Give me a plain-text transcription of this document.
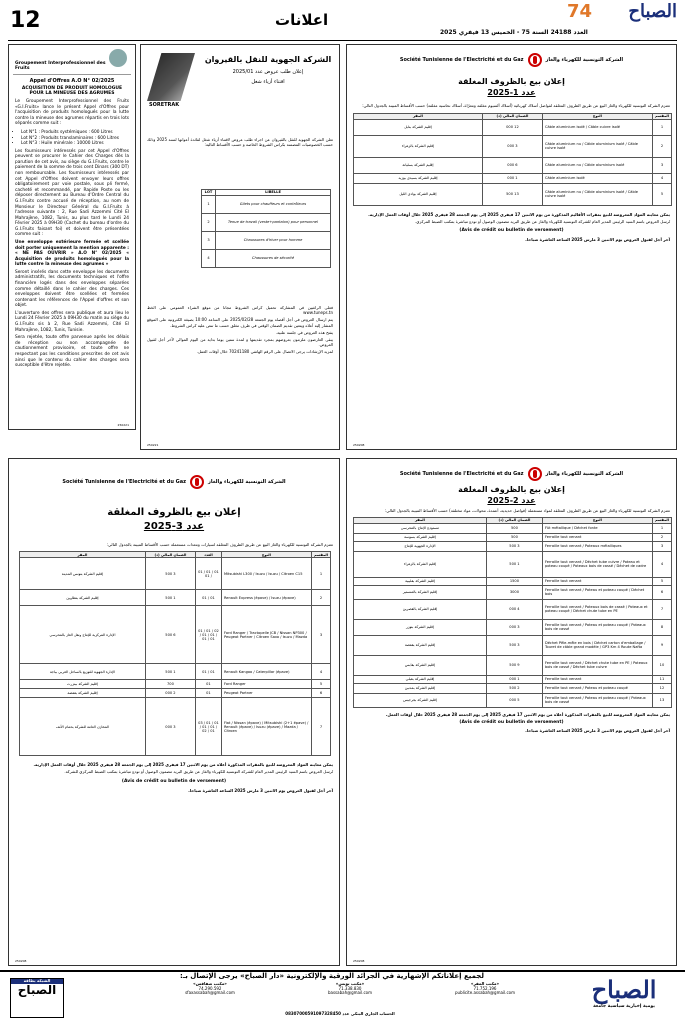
12	اعلانات	74 الصباح
العدد 24188 السنة 75 - الخميس 13 فيفري 2025
Groupement Interprofessionnel des Fruits
Appel d'Offres A.O N° 02/2025
ACQUISITION DE PRODUIT HOMOLOGUE POUR LA MINEUSE DES AGRUMES
Le Groupement Interprofessionnel des Fruits «G.I.Fruits» lance le présent Appel d'Offres pour l'acquisition de produits homologués pour la lutte contre la mineuse des agrumes répartis en trois lots séparés comme suit :
• Lot N°1 : Produits systémiques : 600 Litres
• Lot N°2 : Produits translaminaires : 600 Litres
• Lot N°3 : Huile minérale : 10000 Litres
Les fournisseurs intéressés par cet Appel d'Offres peuvent se procurer le Cahier des Charges dès la parution de cet avis, au siège du G.I.Fruits, contre le paiement de la somme de trois cent Dinars (300 DT) non remboursable. Les fournisseurs intéressés par cet Appel d'Offres doivent envoyer leurs offres obligatoirement par voie postale, sous pli fermé, cacheté et recommandé, par Rapide Poste ou les déposer directement au Bureau d'Ordre Central du G.I.Fruits contre accusé de réception, au nom de Monsieur le Directeur Général du G.I.Fruits à l'adresse suivante : 2, Rue Sadi Azzemmi Cité El Mahrajène, 1082, Tunis, au plus tard le Lundi 24 Février 2025 à 09H30 (Cachet du bureau d'ordre du G.I.Fruits faisant foi) et doivent être présentées comme suit :
Une enveloppe extérieure fermée et scellée doit porter uniquement la mention apparente : « NE PAS OUVRIR » A.O N° 02/2025 « Acquisition de produits homologués pour la lutte contre la mineuse des agrumes »
Seront insérés dans cette enveloppe les documents administratifs, les documents techniques et l'offre financière logés dans des enveloppes séparées comme détaillé dans le cahier des charges. Ces enveloppes doivent être scellées et fermées contenant les références de l'Appel d'offres et son objet.
L'ouverture des offres sera publique et aura lieu le Lundi 24 Février 2025 à 09H30 du matin au siège du G.I.Fruits sis à 2, Rue Sadi Azzemmi, Cité El Mahrajène, 1082, Tunis, Tunisie.
Sera rejetée, toute offre parvenue après les délais de réception ou non accompagnée de cautionnement provisoire, et toute offre ne respectant pas les conditions prescrites de cet avis ainsi que le contenu du cahier des charges sera susceptible d'être rejetée.
250221
SORETRAK
الشركة الجهوية للنقل بالقيروان
إعلان طلب عروض عدد 2025/01
اقتناء أزياء شغل
تعلن الشركة الجهوية للنقل بالقيروان عن اجراء طلب عروض لاقتناء أزياء شغل لفائدة أعوانها لسنة 2025 وذلك حسب الخصوصيات المضمنة بكراس الشروط الخاصة و حسب الأقساط التالية:
LOT	LIBELLE
1	Gilets pour chauffeurs et contrôleurs
2	Tenue de travail (veste+pantalon) pour personnel
3	Chaussures d'hiver pour homme
4	Chaussures de sécurité
فعلى الراغبين في المشاركة تحميل كراس الشروط مجانا من موقع الشراء العمومي على الخط www.tuneps.tn
يتم ارسال العروض في أجل أقصاه يوم الجمعة 2025/02/28 على الساعة 10:00 بصيغة الكترونية على الموقع المشار إليه أعلاه ويتعين تقديم الضمان الوقتي في ظرف مغلق حسب ما تنص عليه كراس الشروط.
يفتح هذه العروض في جلسة علنية.
يبقى العارضون ملزمون بعروضهم بمجرد تقديمها و لمدة ستين يوما بداية من اليوم الموالي لآخر أجل لقبول العروض.
لمزيد الإرشادات يرجى الاتصال على الرقم الهاتفي 70241180 خلال أوقات العمل.
250221
Société Tunisienne de l'Electricité et du Gaz	الشركة التونسية للكهرباء والغاز
إعلان بيع بالظروف المغلقة
عدد 1-2025
تعتزم الشركة التونسية للكهرباء والغاز البيع عن طريق الظروف المغلقة لفواضل أسلاك كهربائية (أسلاك ألمنيوم مغلفة ومعرّاة، أسلاك نحاسية مغلفة) حسب الأقساط المبينة بالجدول التالي:
المقسم	النوع	الضمان المالي (د)	المقر
1	Câble aluminium isolé / Câble cuivre isolé	12 000	إقليم الشركة بنابل
2	Câble aluminium nu / Câble aluminium isolé / Câble cuivre isolé	3 000	إقليم الشركة بالزهراء
3	Câble aluminium nu / Câble aluminium isolé	6 000	إقليم الشركة بسليانة
4	Câble aluminium isolé	1 000	إقليم الشركة بسيدي بوزيد
5	Câble aluminium nu / Câble aluminium isolé / Câble cuivre isolé	13 500	إقليم الشركة بوادي الليل
يمكن معاينة المواد المعروضة للبيع بمقرات الأقاليم المذكورة من يوم الاثنين 17 فيفري 2025 إلى يوم الجمعة 28 فيفري 2025 خلال أوقات العمل الإدارية.
تُرسل العروض باسم السيد الرئيس المدير العام للشركة التونسية للكهرباء والغاز عن طريق البريد مضمون الوصول أو تودع مباشرة بمكتب الضبط المركزي.
(Avis de crédit ou bulletin de versement)
آخر أجل لقبول العروض يوم الاثنين 3 مارس 2025 الساعة العاشرة صباحا.
250208
Société Tunisienne de l'Electricité et du Gaz	الشركة التونسية للكهرباء والغاز
إعلان بيع بالظروف المغلقة
عدد 3-2025
تعتزم الشركة التونسية للكهرباء والغاز البيع عن طريق الظروف المغلقة لسيارات ومعدات مستعملة حسب الأقساط المبينة بالجدول التالي:
المقسم	النوع	العدد	الضمان المالي (د)	المقر
1	Mitsubishi L300 / Isuzu / Isuzu / Citroen C15	01 / 01 / 01 / 01	3 500	إقليم الشركة بتونس المدينة
2	Renault Express (épave) / Isuzu (épave)	01 / 01	1 500	إقليم الشركة بتطاوين
3	Ford Ranger / Tractopelle JCB / Nissan NP300 / Peugeot Partner / Citroen Saxo / Isuzu / Mazda	02 / 01 / 01 / 01 / 01 / 01 / 01	6 500	الإدارة المركزية للإنتاج ونقل الغاز بالمحرسي
4	Renault Kangoo / Caterpillar (épave)	01 / 01	1 500	الإدارة الجهوية للتوزيع بالساحل الغربي بباجة
5	Ford Ranger	01	700	إقليم الشركة ببنزرت
6	Peugeot Partner	01	2 000	إقليم الشركة بقفصة
7	Fiat / Nissan (épave) / Mitsubishi (2+1 épave) / Renault (épave) / Isuzu (épave) / Mazda / Citroen	01 / 01 / 03 / 01 / 01 / 01 / 02	3 000	المخازن العامة للشركة بحمام الأنف
يمكن معاينة المواد المعروضة للبيع بالمقرات المذكورة أعلاه من يوم الاثنين 17 فيفري 2025 إلى يوم الجمعة 28 فيفري 2025 خلال أوقات العمل الإدارية.
تُرسل العروض باسم السيد الرئيس المدير العام للشركة التونسية للكهرباء والغاز عن طريق البريد مضمون الوصول أو تودع مباشرة بمكتب الضبط المركزي للشركة.
(Avis de crédit ou bulletin de versement)
آخر أجل لقبول العروض يوم الاثنين 3 مارس 2025 الساعة العاشرة صباحا.
250208
Société Tunisienne de l'Electricité et du Gaz	الشركة التونسية للكهرباء والغاز
إعلان بيع بالظروف المغلقة
عدد 2-2025
تعتزم الشركة التونسية للكهرباء والغاز البيع عن طريق الظروف المغلقة لمواد مستعملة (فواضل حديدية، أعمدة، محولات، مواد مختلفة) حسب الأقساط المبينة بالجدول التالي:
المقسم	النوع	الضمان المالي (د)	المقر
1	Fût métallique / Déchet fonte	500	مستودع الإنتاج بالمحرسي
2	Ferraille tout venant	500	إقليم الشركة بسوسة
3	Ferraille tout venant / Poteaux métalliques	3 500	الإدارة الجهوية للإنتاج
4	Ferraille tout venant / Déchet tube cuivre / Poteau et poteau coupé / Poteaux bois de cassé / Déchet de cadre	1 500	إقليم الشركة بالزهراء
5	Ferraille tout venant	1500	إقليم الشركة بقليبية
6	Ferraille tout venant / Poteau et poteau coupé / Déchet bois	3000	إقليم الشركة بالمنستير
7	Ferraille tout venant / Poteaux bois de cassé / Poteaux et poteau coupé / Déchet chute tube en PE	4 000	إقليم الشركة بالقصرين
8	Ferraille tout venant / Poteau et poteau coupé / Poteaux bois de cassé	3 000	إقليم الشركة بتوزر
9	Déchet Pêle-mêle en bois / Déchet carton d'emballage / Touret de câble grand modèle / GP3 Km 4 Route Nafta	3 500	إقليم الشركة بقفصة
10	Ferraille tout venant / Déchet chute tube en PE / Poteaux bois de cassé / Déchet tube cuivre	9 500	إقليم الشركة بقابس
11	Ferraille tout venant	1 000	إقليم الشركة بقبلي
12	Ferraille tout venant / Poteau et poteau coupé	2 500	إقليم الشركة بمدنين
13	Ferraille tout venant / Poteau et poteau coupé / Poteaux bois de cassé	5 000	إقليم الشركة بجرجيس
يمكن معاينة المواد المعروضة للبيع بالمقرات المذكورة أعلاه من يوم الاثنين 17 فيفري 2025 إلى يوم الجمعة 28 فيفري 2025 خلال أوقات العمل.
(Avis de crédit ou bulletin de versement)
آخر أجل لقبول العروض يوم الاثنين 3 مارس 2025 الساعة العاشرة صباحا.
250208
الشبكة بطاقة
الصباح
لجميع إعلاناتكم الإشهارية في الجرائد الورقية والإلكترونية «دار الصباح» يرجى الإتصال بـ:
«مكتب المقر»
71.752.196
publicite.assabah@gmail.com
«مكتب تونس»
71.338.830
bassabah@gmail.com
«مكتب صفاقس»
74.290.592
sfaxassabah@gmail.com
الحساب الجاري البنكي عدد 08307000591097328450
الصباح
يومية إخبارية سياسية جامعة
